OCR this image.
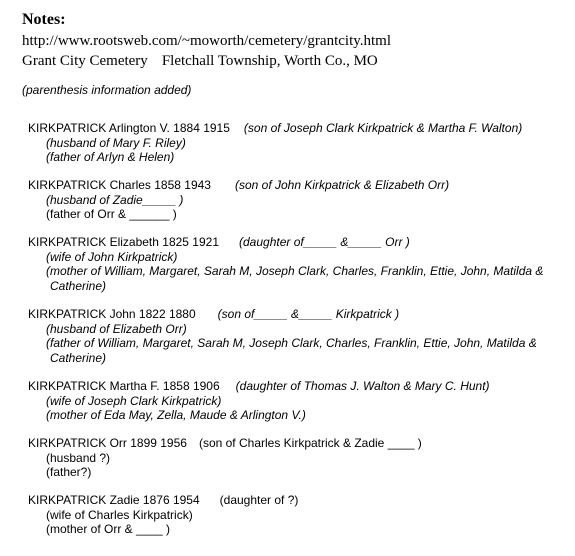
Notes:
http://www.rootsweb.com/~moworth/cemetery/grantcity.html
Grant City Cemetery Fletchall Township, Worth Co., MO
(parenthesis information added)
KIRKPATRICK Arlington V. 1884 1915 (son of Joseph Clark Kirkpatrick & Martha F. Walton)
(husband of Mary F. Riley)
(father of Arlyn & Helen)
KIRKPATRICK Charles 1858 1943 (son of John Kirkpatrick & Elizabeth Orr)
(husband of Zadie_____ )
(father of Orr & ______ )
KIRKPATRICK Elizabeth 1825 1921 (daughter of_____ &_____ Orr )
(wife of John Kirkpatrick)
(mother of William, Margaret, Sarah M, Joseph Clark, Charles, Franklin, Ettie, John, Matilda & Catherine)
KIRKPATRICK John 1822 1880 (son of_____ &_____ Kirkpatrick )
(husband of Elizabeth Orr)
(father of William, Margaret, Sarah M, Joseph Clark, Charles, Franklin, Ettie, John, Matilda & Catherine)
KIRKPATRICK Martha F. 1858 1906 (daughter of Thomas J. Walton & Mary C. Hunt)
(wife of Joseph Clark Kirkpatrick)
(mother of Eda May, Zella, Maude & Arlington V.)
KIRKPATRICK Orr 1899 1956 (son of Charles Kirkpatrick & Zadie ____ )
(husband ?)
(father?)
KIRKPATRICK Zadie 1876 1954 (daughter of ?)
(wife of Charles Kirkpatrick)
(mother of Orr & ____ )
